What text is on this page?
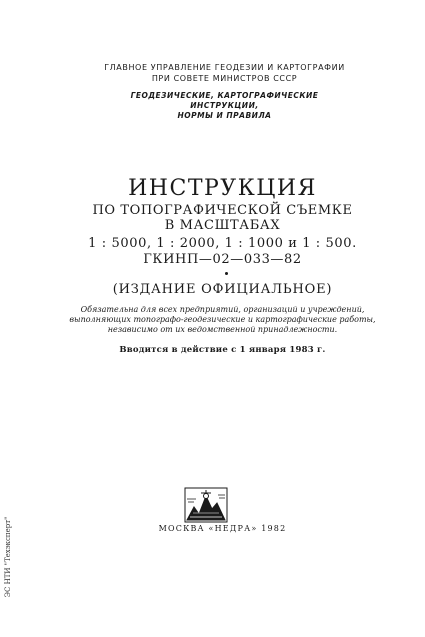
ГЛАВНОЕ УПРАВЛЕНИЕ ГЕОДЕЗИИ И КАРТОГРАФИИ
ПРИ СОВЕТЕ МИНИСТРОВ СССР
ГЕОДЕЗИЧЕСКИЕ, КАРТОГРАФИЧЕСКИЕ
ИНСТРУКЦИИ,
НОРМЫ И ПРАВИЛА
ИНСТРУКЦИЯ
ПО ТОПОГРАФИЧЕСКОЙ СЪЕМКЕ
В МАСШТАБАХ
1 : 5000, 1 : 2000, 1 : 1000 и 1 : 500.
ГКИНП—02—033—82
(ИЗДАНИЕ ОФИЦИАЛЬНОЕ)
Обязательна для всех предприятий, организаций и учреждений,
выполняющих топографо-геодезические и картографические работы,
независимо от их ведомственной принадлежности.
Вводится в действие с 1 января 1983 г.
МОСКВА «НЕДРА» 1982
ЭС НТИ "Техэксперт"
